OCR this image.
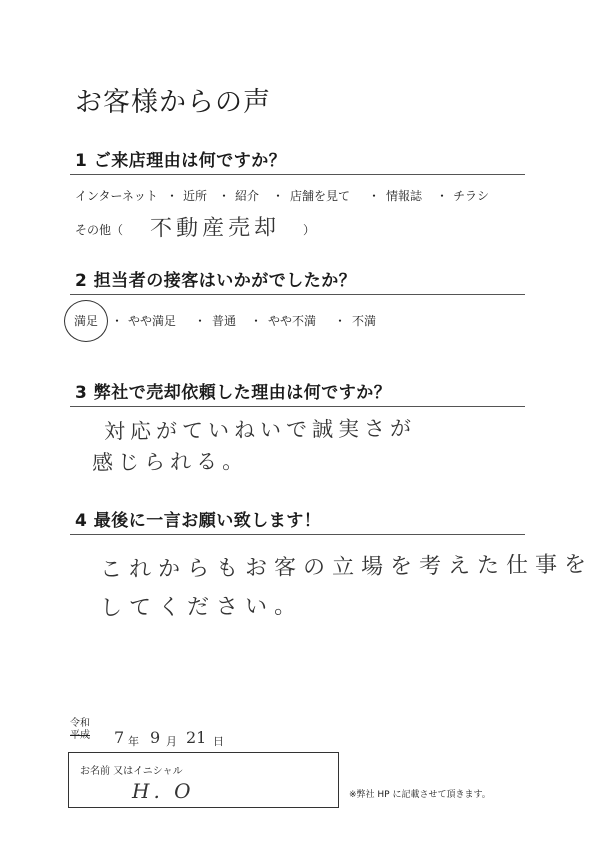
お客様からの声
1 ご来店理由は何ですか？
インターネット ・ 近所 ・ 紹介 ・ 店舗を見て ・ 情報誌 ・ チラシ
その他（ 不動産売却 ）
2 担当者の接客はいかがでしたか？
満足 ・ やや満足 ・ 普通 ・ やや不満 ・ 不満
3 弊社で売却依頼した理由は何ですか？
対応がていねいで誠実さが
感じられる。
4 最後に一言お願い致します！
これからもお客の立場を考えた仕事を
してください。
令和
平成 7 年 9 月 21 日
お名前 又はイニシャル
H. O	※弊社 HP に記載させて頂きます。
